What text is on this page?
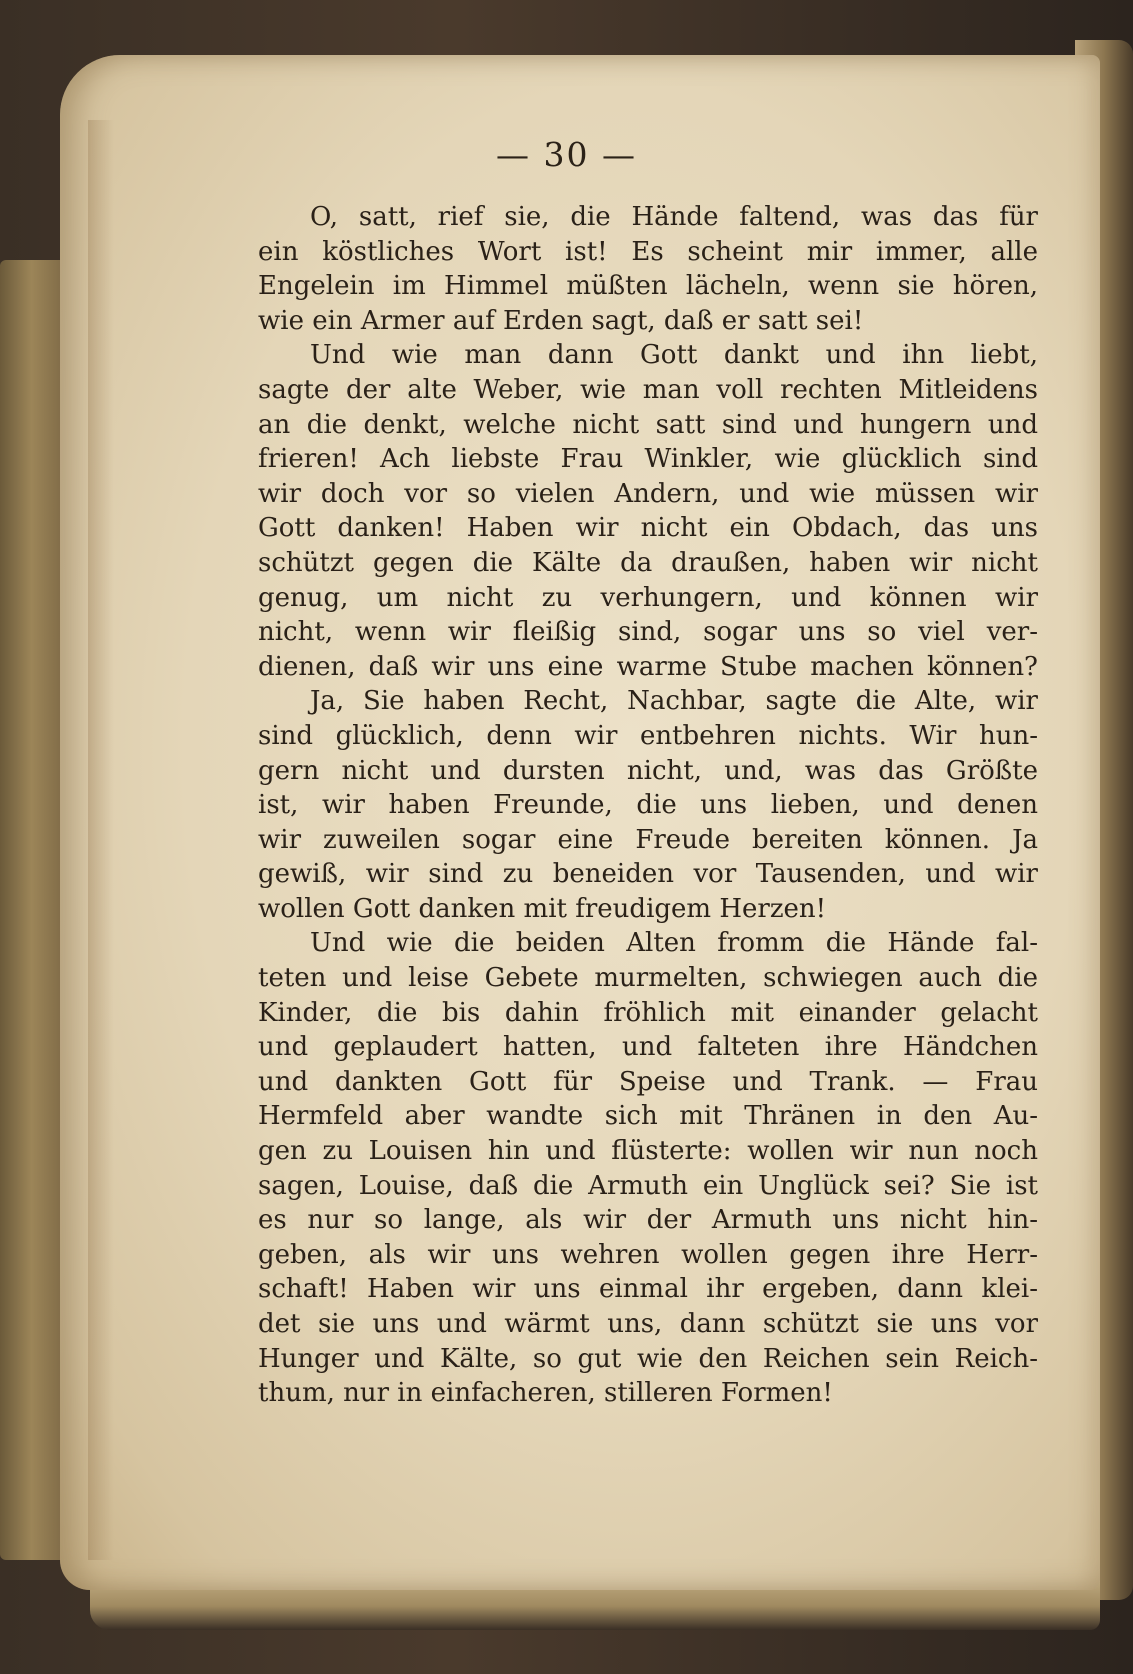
— 30 —
O, satt, rief sie, die Hände faltend, was das für
ein köstliches Wort ist! Es scheint mir immer, alle
Engelein im Himmel müßten lächeln, wenn sie hören,
wie ein Armer auf Erden sagt, daß er satt sei!
Und wie man dann Gott dankt und ihn liebt,
sagte der alte Weber, wie man voll rechten Mitleidens
an die denkt, welche nicht satt sind und hungern und
frieren! Ach liebste Frau Winkler, wie glücklich sind
wir doch vor so vielen Andern, und wie müssen wir
Gott danken! Haben wir nicht ein Obdach, das uns
schützt gegen die Kälte da draußen, haben wir nicht
genug, um nicht zu verhungern, und können wir
nicht, wenn wir fleißig sind, sogar uns so viel ver-
dienen, daß wir uns eine warme Stube machen können?
Ja, Sie haben Recht, Nachbar, sagte die Alte, wir
sind glücklich, denn wir entbehren nichts. Wir hun-
gern nicht und dursten nicht, und, was das Größte
ist, wir haben Freunde, die uns lieben, und denen
wir zuweilen sogar eine Freude bereiten können. Ja
gewiß, wir sind zu beneiden vor Tausenden, und wir
wollen Gott danken mit freudigem Herzen!
Und wie die beiden Alten fromm die Hände fal-
teten und leise Gebete murmelten, schwiegen auch die
Kinder, die bis dahin fröhlich mit einander gelacht
und geplaudert hatten, und falteten ihre Händchen
und dankten Gott für Speise und Trank. — Frau
Hermfeld aber wandte sich mit Thränen in den Au-
gen zu Louisen hin und flüsterte: wollen wir nun noch
sagen, Louise, daß die Armuth ein Unglück sei? Sie ist
es nur so lange, als wir der Armuth uns nicht hin-
geben, als wir uns wehren wollen gegen ihre Herr-
schaft! Haben wir uns einmal ihr ergeben, dann klei-
det sie uns und wärmt uns, dann schützt sie uns vor
Hunger und Kälte, so gut wie den Reichen sein Reich-
thum, nur in einfacheren, stilleren Formen!
